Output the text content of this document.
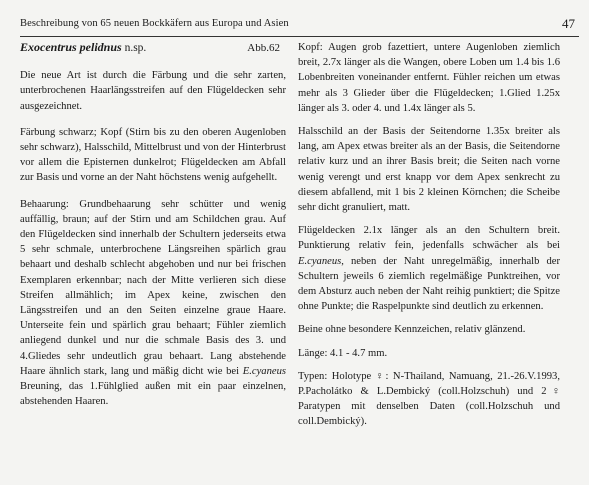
Beschreibung von 65 neuen Bockkäfern aus Europa und Asien	47
Exocentrus pelidnus n.sp.	Abb.62

Die neue Art ist durch die Färbung und die sehr zarten, unterbrochenen Haarlängsstreifen auf den Flügeldecken sehr ausgezeichnet.

Färbung schwarz; Kopf (Stirn bis zu den oberen Augenloben sehr schwarz), Halsschild, Mittelbrust und von der Hinterbrust vor allem die Episternen dunkelrot; Flügeldecken am Abfall zur Basis und vorne an der Naht höchstens wenig aufgehellt.

Behaarung: Grundbehaarung sehr schütter und wenig auffällig, braun; auf der Stirn und am Schildchen grau. Auf den Flügeldecken sind innerhalb der Schultern jederseits etwa 5 sehr schmale, unterbrochene Längsreihen spärlich grau behaart und deshalb schlecht abgehoben und nur bei frischen Exemplaren erkennbar; nach der Mitte verlieren sich diese Streifen allmählich; im Apex keine, zwischen den Längsstreifen und an den Seiten einzelne graue Haare. Unterseite fein und spärlich grau behaart; Fühler ziemlich anliegend dunkel und nur die schmale Basis des 3. und 4.Gliedes sehr undeutlich grau behaart. Lang abstehende Haare ähnlich stark, lang und mäßig dicht wie bei E.cyaneus Breuning, das 1.Fühlglied außen mit ein paar einzelnen, abstehenden Haaren.

Kopf: Augen grob fazettiert, untere Augenloben ziemlich breit, 2.7x länger als die Wangen, obere Loben um 1.4 bis 1.6 Lobenbreiten voneinander entfernt. Fühler reichen um etwas mehr als 3 Glieder über die Flügeldecken; 1.Glied 1.25x länger als 3. oder 4. und 1.4x länger als 5.

Halsschild an der Basis der Seitendorne 1.35x breiter als lang, am Apex etwas breiter als an der Basis, die Seitendorne relativ kurz und an ihrer Basis breit; die Seiten nach vorne wenig verengt und erst knapp vor dem Apex senkrecht zu diesem abfallend, mit 1 bis 2 kleinen Körnchen; die Scheibe sehr dicht granuliert, matt.

Flügeldecken 2.1x länger als an den Schultern breit. Punktierung relativ fein, jedenfalls schwächer als bei E.cyaneus, neben der Naht unregelmäßig, innerhalb der Schultern jeweils 6 ziemlich regelmäßige Punktreihen, vor dem Absturz auch neben der Naht reihig punktiert; die Spitze ohne Punkte; die Raspelpunkte sind deutlich zu erkennen.

Beine ohne besondere Kennzeichen, relativ glänzend.

Länge: 4.1 - 4.7 mm.

Typen: Holotype ♀: N-Thailand, Namuang, 21.-26.V.1993, P.Pacholátko & L.Dembický (coll.Holzschuh) und 2♀ Paratypen mit denselben Daten (coll.Holzschuh und coll.Dembický).
